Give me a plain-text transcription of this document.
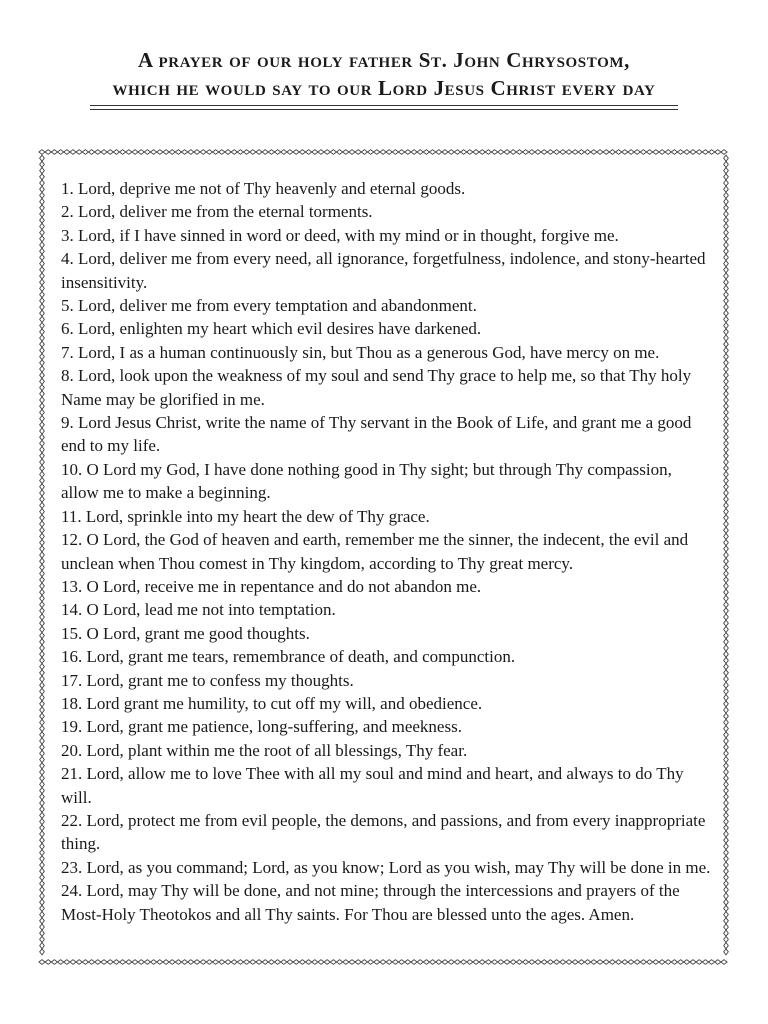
A prayer of our holy father St. John Chrysostom,
which he would say to our Lord Jesus Christ every day
1. Lord, deprive me not of Thy heavenly and eternal goods.
2. Lord, deliver me from the eternal torments.
3. Lord, if I have sinned in word or deed, with my mind or in thought, forgive me.
4. Lord, deliver me from every need, all ignorance, forgetfulness, indolence, and stony-hearted insensitivity.
5. Lord, deliver me from every temptation and abandonment.
6. Lord, enlighten my heart which evil desires have darkened.
7. Lord, I as a human continuously sin, but Thou as a generous God, have mercy on me.
8. Lord, look upon the weakness of my soul and send Thy grace to help me, so that Thy holy Name may be glorified in me.
9. Lord Jesus Christ, write the name of Thy servant in the Book of Life, and grant me a good end to my life.
10. O Lord my God, I have done nothing good in Thy sight; but through Thy compassion, allow me to make a beginning.
11. Lord, sprinkle into my heart the dew of Thy grace.
12. O Lord, the God of heaven and earth, remember me the sinner, the indecent, the evil and unclean when Thou comest in Thy kingdom, according to Thy great mercy.
13. O Lord, receive me in repentance and do not abandon me.
14. O Lord, lead me not into temptation.
15. O Lord, grant me good thoughts.
16. Lord, grant me tears, remembrance of death, and compunction.
17. Lord, grant me to confess my thoughts.
18. Lord grant me humility, to cut off my will, and obedience.
19. Lord, grant me patience, long-suffering, and meekness.
20. Lord, plant within me the root of all blessings, Thy fear.
21. Lord, allow me to love Thee with all my soul and mind and heart, and always to do Thy will.
22. Lord, protect me from evil people, the demons, and passions, and from every inappropriate thing.
23. Lord, as you command; Lord, as you know; Lord as you wish, may Thy will be done in me.
24. Lord, may Thy will be done, and not mine; through the intercessions and prayers of the Most-Holy Theotokos and all Thy saints. For Thou are blessed unto the ages. Amen.
